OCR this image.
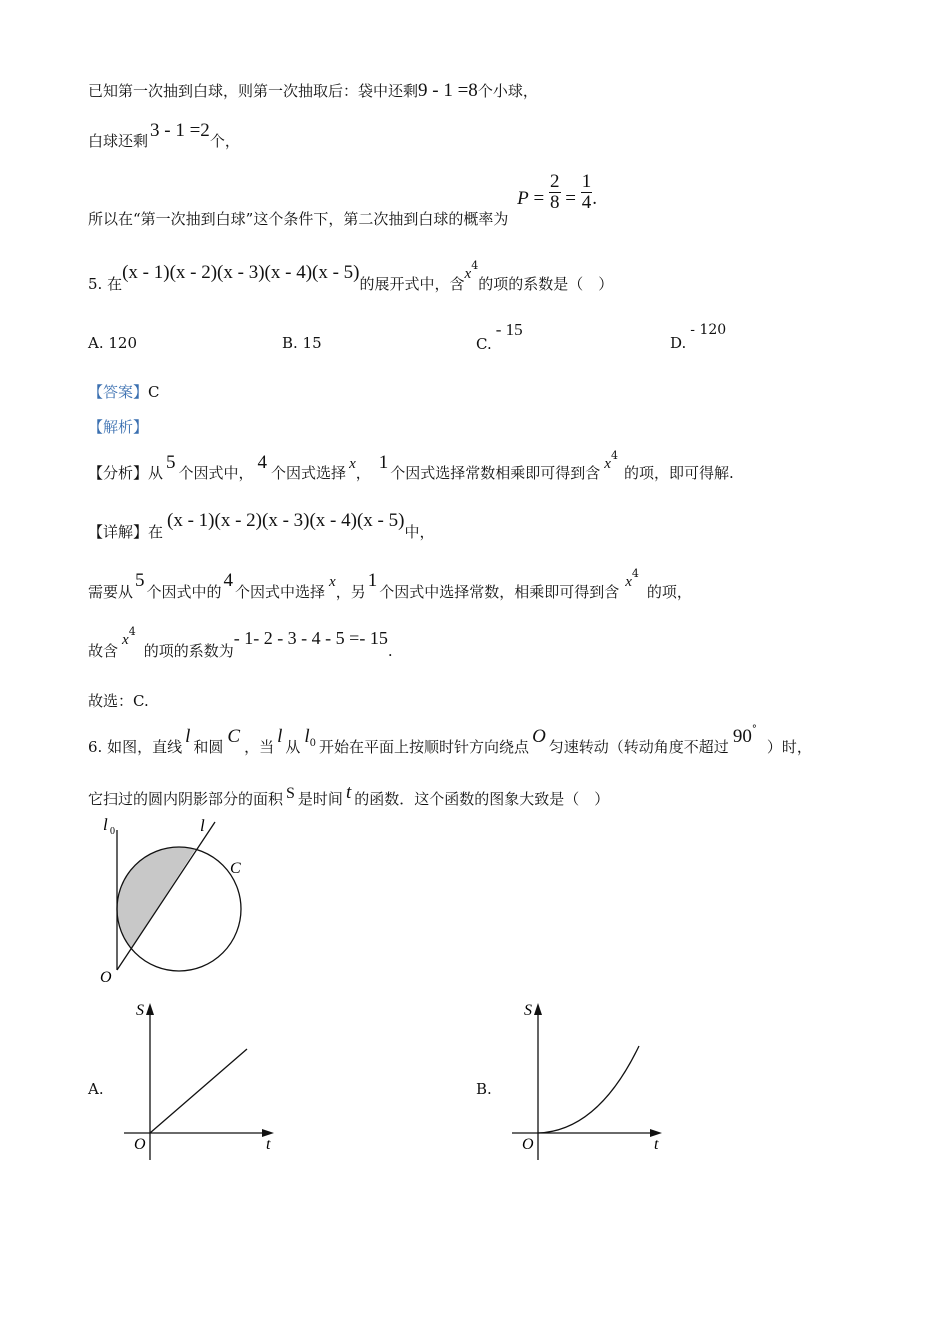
已知第一次抽到白球，则第一次抽取后：袋中还剩9 - 1 =8个小球，
白球还剩 3 - 1 =2个，
所以在“第一次抽到白球”这个条件下，第二次抽到白球的概率为 $P = \frac{2}{8} = \frac{1}{4}$ .
5. 在(x - 1)(x - 2)(x - 3)(x - 4)(x - 5)的展开式中，含$x^4$的项的系数是（　）
A. 120	B. 15	C.- 15
D.- 120
【答案】C
【解析】
【分析】从 5 个因式中， 4 个因式选择 x， 1 个因式选择常数相乘即可得到含 $x^4$的项，即可得解.
【详解】在(x - 1)(x - 2)(x - 3)(x - 4)(x - 5)中，
需要从5个因式中的4个因式中选择x，另1个因式中选择常数，相乘即可得到含$x^4$的项，
故含$x^4$的项的系数为- 1- 2 - 3 - 4 - 5 =- 15.
故选：C.
6. 如图，直线 l 和圆 C ，当 l 从 $l_0$ 开始在平面上按顺时针方向绕点 O 匀速转动（转动角度不超过 90°）时，
它扫过的圆内阴影部分的面积 S 是时间 t 的函数．这个函数的图象大致是（　）
l 0	l
C
O
A.
S
t
O
B.
S
t
O
